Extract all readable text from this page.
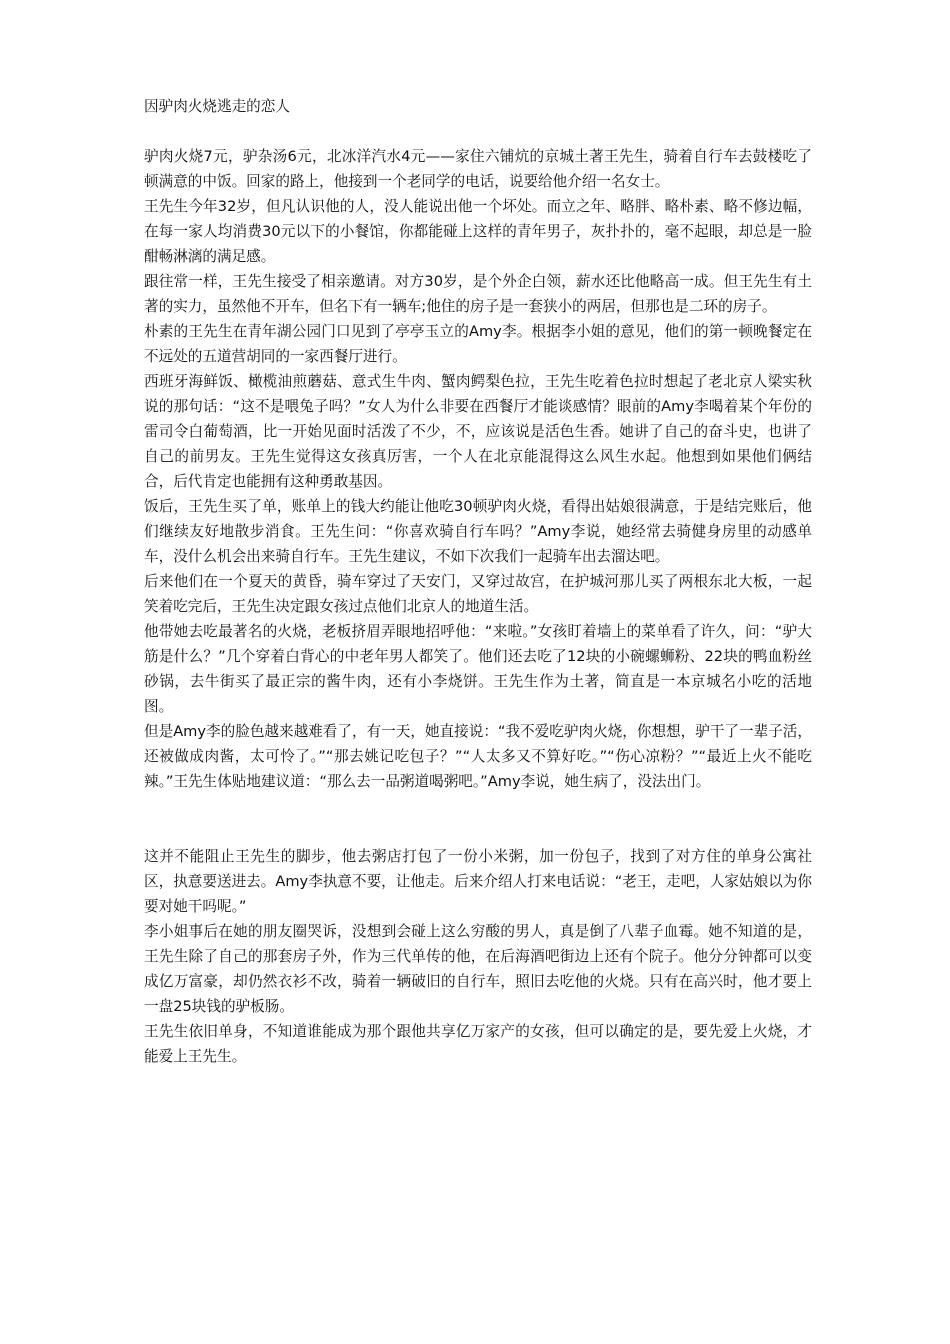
因驴肉火烧逃走的恋人

驴肉火烧7元，驴杂汤6元，北冰洋汽水4元——家住六铺炕的京城土著王先生，骑着自行车去鼓楼吃了顿满意的中饭。回家的路上，他接到一个老同学的电话，说要给他介绍一名女士。

王先生今年32岁，但凡认识他的人，没人能说出他一个坏处。而立之年、略胖、略朴素、略不修边幅，在每一家人均消费30元以下的小餐馆，你都能碰上这样的青年男子，灰扑扑的，毫不起眼，却总是一脸酣畅淋漓的满足感。

跟往常一样，王先生接受了相亲邀请。对方30岁，是个外企白领，薪水还比他略高一成。但王先生有土著的实力，虽然他不开车，但名下有一辆车;他住的房子是一套狭小的两居，但那也是二环的房子。

朴素的王先生在青年湖公园门口见到了亭亭玉立的Amy李。根据李小姐的意见，他们的第一顿晚餐定在不远处的五道营胡同的一家西餐厅进行。

西班牙海鲜饭、橄榄油煎蘑菇、意式生牛肉、蟹肉鳄梨色拉，王先生吃着色拉时想起了老北京人梁实秋说的那句话：“这不是喂兔子吗？”女人为什么非要在西餐厅才能谈感情？眼前的Amy李喝着某个年份的雷司令白葡萄酒，比一开始见面时活泼了不少，不，应该说是活色生香。她讲了自己的奋斗史，也讲了自己的前男友。王先生觉得这女孩真厉害，一个人在北京能混得这么风生水起。他想到如果他们俩结合，后代肯定也能拥有这种勇敢基因。

饭后，王先生买了单，账单上的钱大约能让他吃30顿驴肉火烧，看得出姑娘很满意，于是结完账后，他们继续友好地散步消食。王先生问：“你喜欢骑自行车吗？”Amy李说，她经常去骑健身房里的动感单车，没什么机会出来骑自行车。王先生建议，不如下次我们一起骑车出去溜达吧。

后来他们在一个夏天的黄昏，骑车穿过了天安门，又穿过故宫，在护城河那儿买了两根东北大板，一起笑着吃完后，王先生决定跟女孩过点他们北京人的地道生活。

他带她去吃最著名的火烧，老板挤眉弄眼地招呼他：“来啦。”女孩盯着墙上的菜单看了许久，问：“驴大筋是什么？”几个穿着白背心的中老年男人都笑了。他们还去吃了12块的小碗螺蛳粉、22块的鸭血粉丝砂锅，去牛街买了最正宗的酱牛肉，还有小李烧饼。王先生作为土著，简直是一本京城名小吃的活地图。

但是Amy李的脸色越来越难看了，有一天，她直接说：“我不爱吃驴肉火烧，你想想，驴干了一辈子活，还被做成肉酱，太可怜了。”“那去姚记吃包子？”“人太多又不算好吃。”“伤心凉粉？”“最近上火不能吃辣。”王先生体贴地建议道：“那么去一品粥道喝粥吧。”Amy李说，她生病了，没法出门。

这并不能阻止王先生的脚步，他去粥店打包了一份小米粥，加一份包子，找到了对方住的单身公寓社区，执意要送进去。Amy李执意不要，让他走。后来介绍人打来电话说：“老王，走吧，人家姑娘以为你要对她干吗呢。”

李小姐事后在她的朋友圈哭诉，没想到会碰上这么穷酸的男人，真是倒了八辈子血霉。她不知道的是，王先生除了自己的那套房子外，作为三代单传的他，在后海酒吧街边上还有个院子。他分分钟都可以变成亿万富豪，却仍然衣衫不改，骑着一辆破旧的自行车，照旧去吃他的火烧。只有在高兴时，他才要上一盘25块钱的驴板肠。

王先生依旧单身，不知道谁能成为那个跟他共享亿万家产的女孩，但可以确定的是，要先爱上火烧，才能爱上王先生。
